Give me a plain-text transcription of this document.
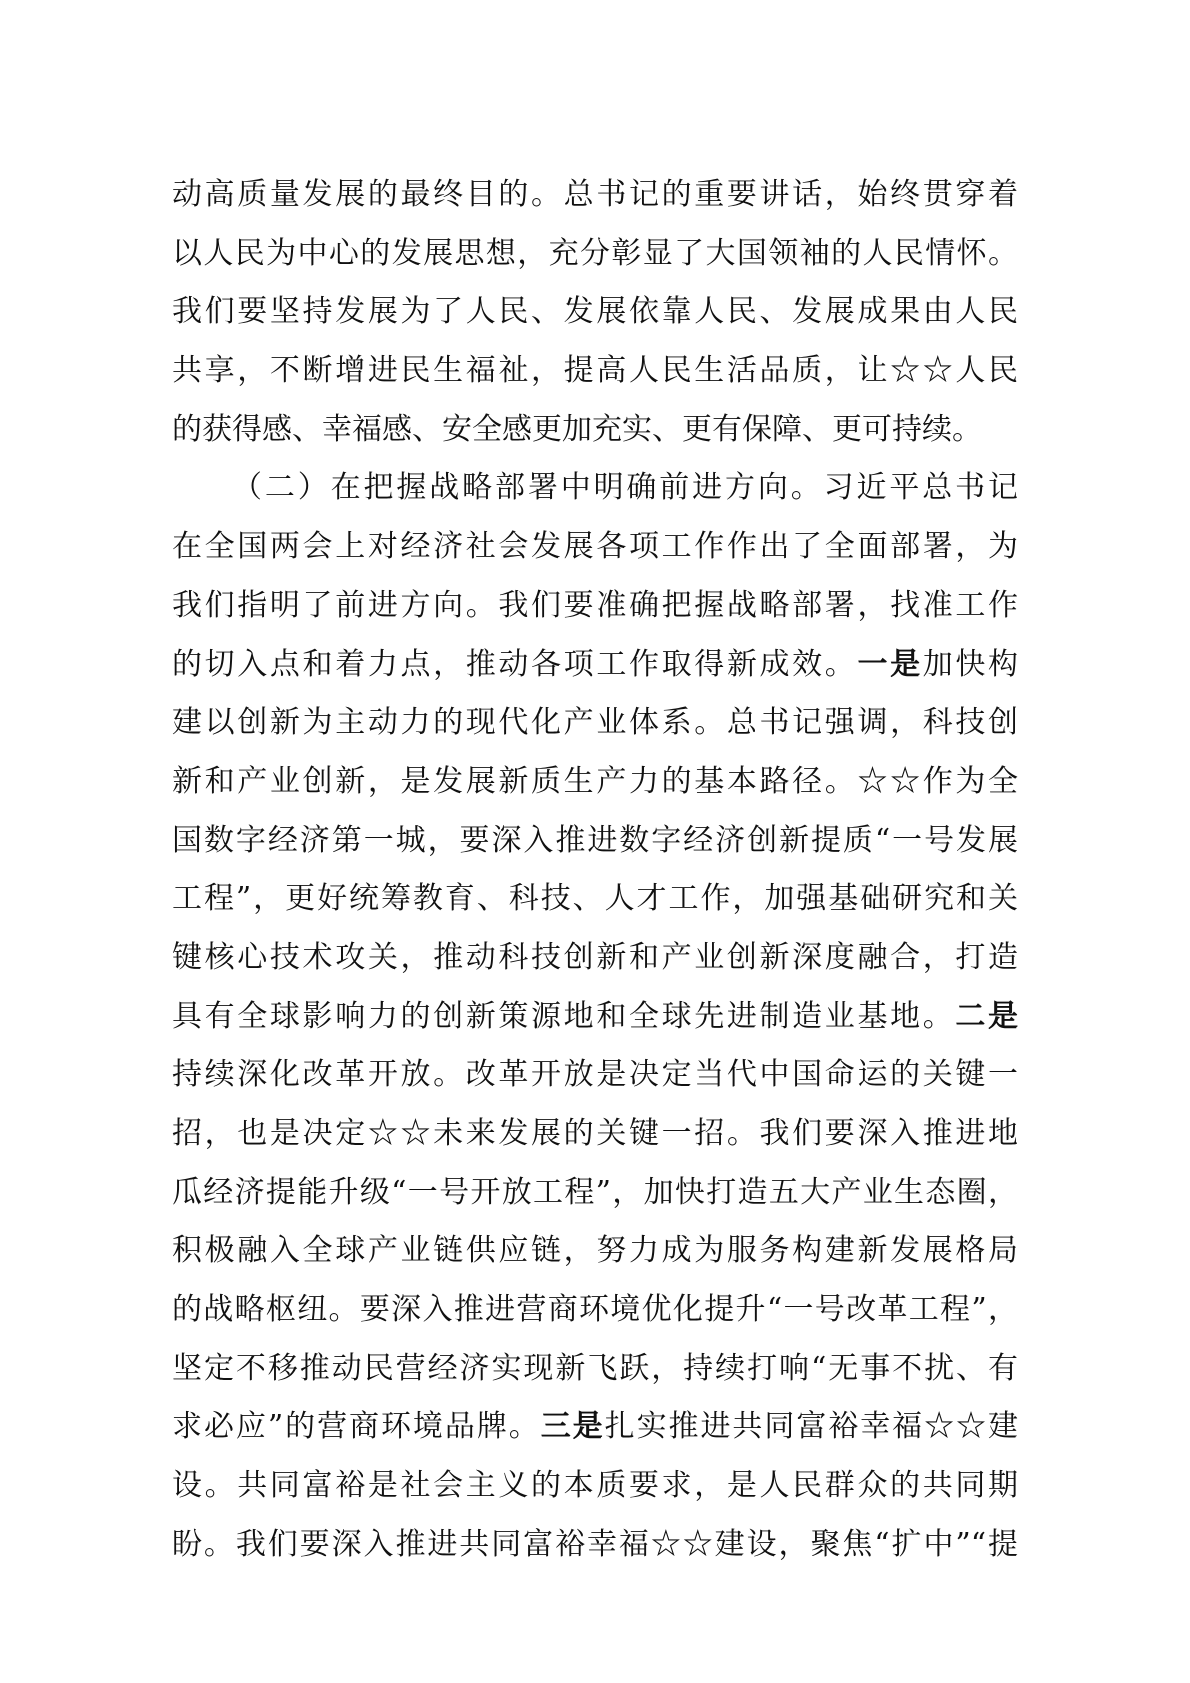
动高质量发展的最终目的。总书记的重要讲话，始终贯穿着
以人民为中心的发展思想，充分彰显了大国领袖的人民情怀。
我们要坚持发展为了人民、发展依靠人民、发展成果由人民
共享，不断增进民生福祉，提高人民生活品质，让☆☆人民
的获得感、幸福感、安全感更加充实、更有保障、更可持续。
（二）在把握战略部署中明确前进方向。习近平总书记
在全国两会上对经济社会发展各项工作作出了全面部署，为
我们指明了前进方向。我们要准确把握战略部署，找准工作
的切入点和着力点，推动各项工作取得新成效。一是加快构
建以创新为主动力的现代化产业体系。总书记强调，科技创
新和产业创新，是发展新质生产力的基本路径。☆☆作为全
国数字经济第一城，要深入推进数字经济创新提质“一号发展
工程”，更好统筹教育、科技、人才工作，加强基础研究和关
键核心技术攻关，推动科技创新和产业创新深度融合，打造
具有全球影响力的创新策源地和全球先进制造业基地。二是
持续深化改革开放。改革开放是决定当代中国命运的关键一
招，也是决定☆☆未来发展的关键一招。我们要深入推进地
瓜经济提能升级“一号开放工程”，加快打造五大产业生态圈，
积极融入全球产业链供应链，努力成为服务构建新发展格局
的战略枢纽。要深入推进营商环境优化提升“一号改革工程”，
坚定不移推动民营经济实现新飞跃，持续打响“无事不扰、有
求必应”的营商环境品牌。三是扎实推进共同富裕幸福☆☆建
设。共同富裕是社会主义的本质要求，是人民群众的共同期
盼。我们要深入推进共同富裕幸福☆☆建设，聚焦“扩中”“提
